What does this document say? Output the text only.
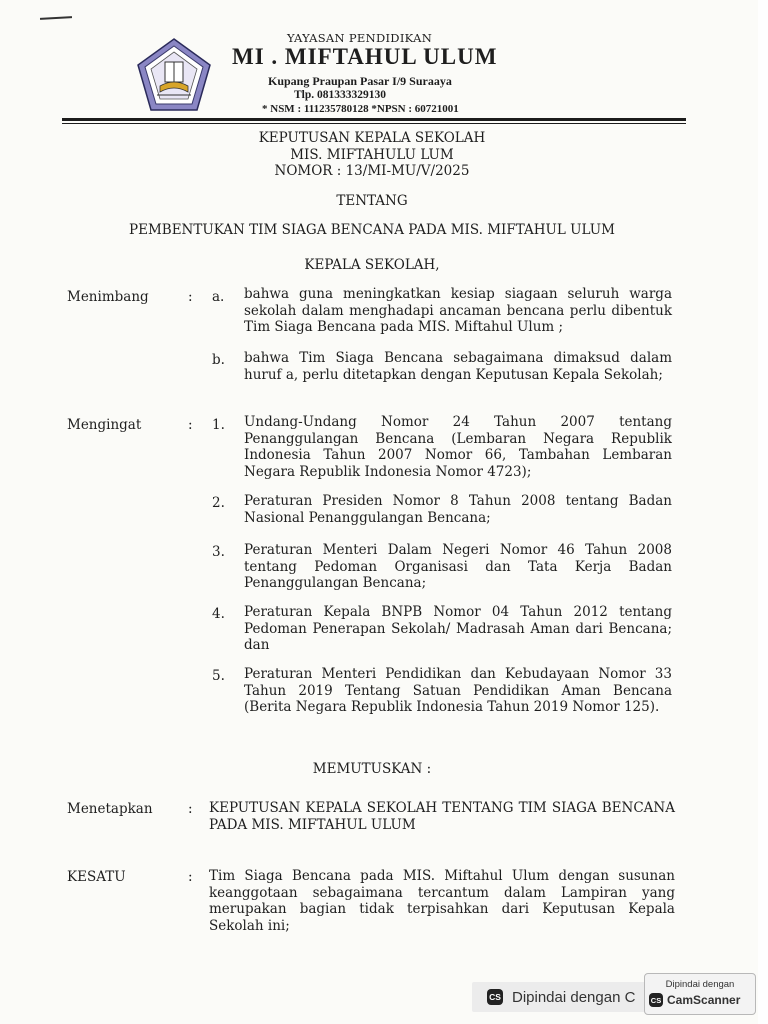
YAYASAN PENDIDIKAN
MI . MIFTAHUL ULUM
Kupang Praupan Pasar I/9 Suraaya
Tlp. 081333329130
* NSM : 111235780128 *NPSN : 60721001
KEPUTUSAN KEPALA SEKOLAH
MIS. MIFTAHULU LUM
NOMOR : 13/MI-MU/V/2025
TENTANG
PEMBENTUKAN TIM SIAGA BENCANA PADA MIS. MIFTAHUL ULUM
KEPALA SEKOLAH,
Menimbang	: a. bahwa guna meningkatkan kesiap siagaan seluruh warga sekolah dalam menghadapi ancaman bencana perlu dibentuk Tim Siaga Bencana pada MIS. Miftahul Ulum ;
b. bahwa Tim Siaga Bencana sebagaimana dimaksud dalam huruf a, perlu ditetapkan dengan Keputusan Kepala Sekolah;
Mengingat	: 1. Undang-Undang Nomor 24 Tahun 2007 tentang Penanggulangan Bencana (Lembaran Negara Republik Indonesia Tahun 2007 Nomor 66, Tambahan Lembaran Negara Republik Indonesia Nomor 4723);
2. Peraturan Presiden Nomor 8 Tahun 2008 tentang Badan Nasional Penanggulangan Bencana;
3. Peraturan Menteri Dalam Negeri Nomor 46 Tahun 2008 tentang Pedoman Organisasi dan Tata Kerja Badan Penanggulangan Bencana;
4. Peraturan Kepala BNPB Nomor 04 Tahun 2012 tentang Pedoman Penerapan Sekolah/ Madrasah Aman dari Bencana; dan
5. Peraturan Menteri Pendidikan dan Kebudayaan Nomor 33 Tahun 2019 Tentang Satuan Pendidikan Aman Bencana (Berita Negara Republik Indonesia Tahun 2019 Nomor 125).
MEMUTUSKAN :
Menetapkan	: KEPUTUSAN KEPALA SEKOLAH TENTANG TIM SIAGA BENCANA PADA MIS. MIFTAHUL ULUM
KESATU	: Tim Siaga Bencana pada MIS. Miftahul Ulum dengan susunan keanggotaan sebagaimana tercantum dalam Lampiran yang merupakan bagian tidak terpisahkan dari Keputusan Kepala Sekolah ini;
CS Dipindai dengan C
Dipindai dengan
CS CamScanner
